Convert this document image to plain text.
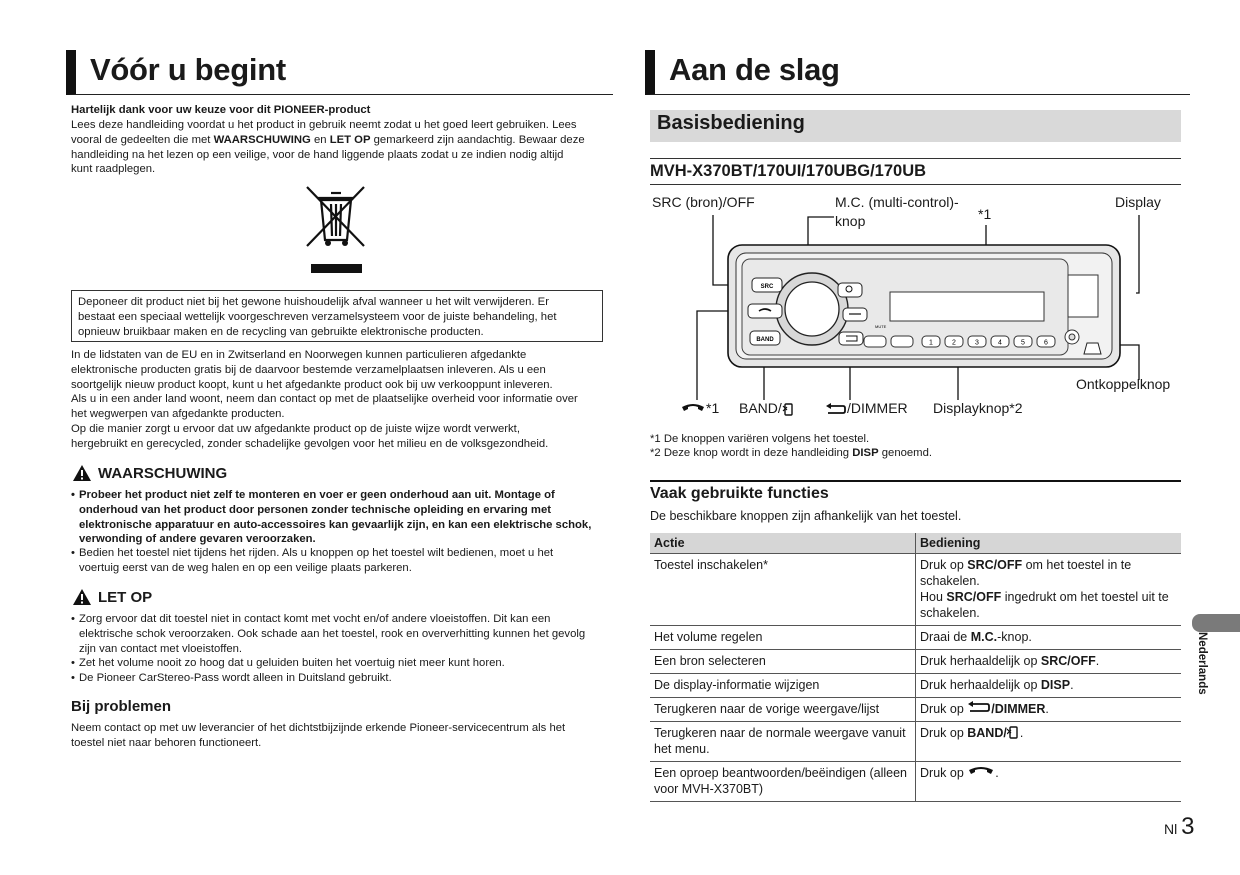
Vóór u begint

Hartelijk dank voor uw keuze voor dit PIONEER-product

Lees deze handleiding voordat u het product in gebruik neemt zodat u het goed leert gebruiken. Lees
vooral de gedeelten die met WAARSCHUWING en LET OP gemarkeerd zijn aandachtig. Bewaar deze
handleiding na het lezen op een veilige, voor de hand liggende plaats zodat u ze indien nodig altijd
kunt raadplegen.

Deponeer dit product niet bij het gewone huishoudelijk afval wanneer u het wilt verwijderen. Er
bestaat een speciaal wettelijk voorgeschreven verzamelsysteem voor de juiste behandeling, het
opnieuw bruikbaar maken en de recycling van gebruikte elektronische producten.
In de lidstaten van de EU en in Zwitserland en Noorwegen kunnen particulieren afgedankte
elektronische producten gratis bij de daarvoor bestemde verzamelplaatsen inleveren. Als u een
soortgelijk nieuw product koopt, kunt u het afgedankte product ook bij uw verkooppunt inleveren.
Als u in een ander land woont, neem dan contact op met de plaatselijke overheid voor informatie over
het wegwerpen van afgedankte producten.
Op die manier zorgt u ervoor dat uw afgedankte product op de juiste wijze wordt verwerkt,
hergebruikt en gerecycled, zonder schadelijke gevolgen voor het milieu en de volksgezondheid.
WAARSCHUWING
• Probeer het product niet zelf te monteren en voer er geen onderhoud aan uit. Montage of
onderhoud van het product door personen zonder technische opleiding en ervaring met
elektronische apparatuur en auto-accessoires kan gevaarlijk zijn, en kan een elektrische schok,
verwonding of andere gevaren veroorzaken.
• Bedien het toestel niet tijdens het rijden. Als u knoppen op het toestel wilt bedienen, moet u het
voertuig eerst van de weg halen en op een veilige plaats parkeren.
LET OP
• Zorg ervoor dat dit toestel niet in contact komt met vocht en/of andere vloeistoffen. Dit kan een
elektrische schok veroorzaken. Ook schade aan het toestel, rook en oververhitting kunnen het gevolg
zijn van contact met vloeistoffen.
• Zet het volume nooit zo hoog dat u geluiden buiten het voertuig niet meer kunt horen.
• De Pioneer CarStereo-Pass wordt alleen in Duitsland gebruikt.
Bij problemen
Neem contact op met uw leverancier of het dichtstbijzijnde erkende Pioneer-servicecentrum als het
toestel niet naar behoren functioneert.
Aan de slag
Basisbediening
MVH-X370BT/170UI/170UBG/170UB
SRC (bron)/OFF	M.C. (multi-control)-
knop	*1
Display
Ontkoppelknop
*1 BAND/	/DIMMER Displayknop*2
SRC
BAND
MUTE
1	2	3	4	5	6
*1 De knoppen variëren volgens het toestel.
*2 Deze knop wordt in deze handleiding DISP genoemd.
Vaak gebruikte functies
De beschikbare knoppen zijn afhankelijk van het toestel.
Actie	Bediening
Toestel inschakelen*	Druk op SRC/OFF om het toestel in te schakelen.
Hou SRC/OFF ingedrukt om het toestel uit te schakelen.
Het volume regelen	Draai de M.C.-knop.
Een bron selecteren	Druk herhaaldelijk op SRC/OFF.
De display-informatie wijzigen	Druk herhaaldelijk op DISP.
Terugkeren naar de vorige weergave/lijst	Druk op /DIMMER.
Terugkeren naar de normale weergave vanuit het menu.	Druk op BAND/ .
Een oproep beantwoorden/beëindigen (alleen voor MVH-X370BT)	Druk op .
Nederlands
Nl 3
